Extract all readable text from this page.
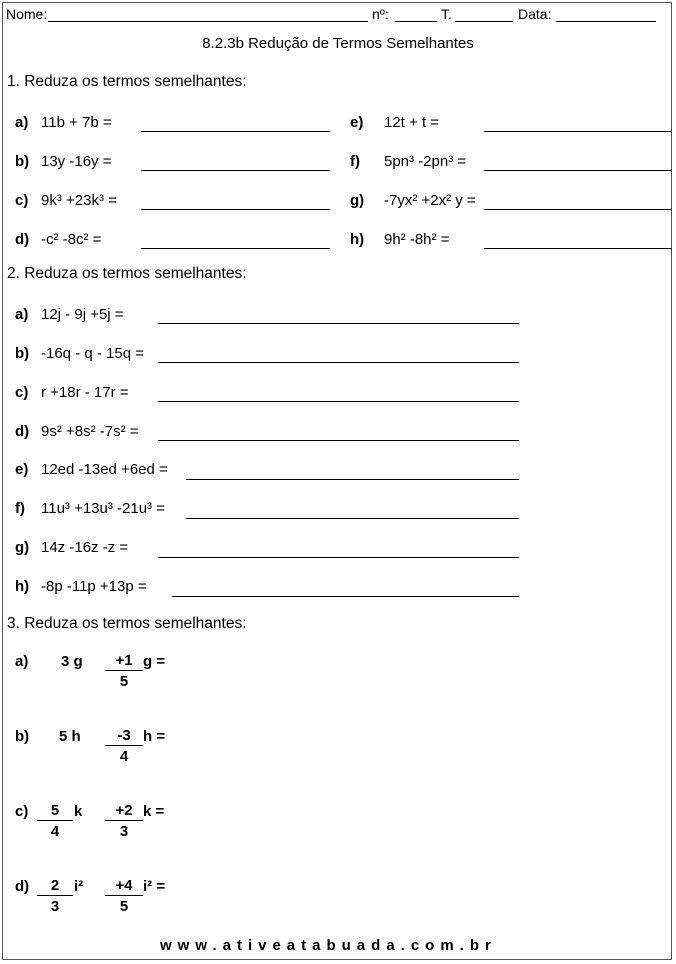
Nome:	nº:	T.	Data:
8.2.3b Redução de Termos Semelhantes
1. Reduza os termos semelhantes:
a) 11b + 7b =
b) 13y -16y =
c) 9k³ +23k³ =
d) -c² -8c² =
e) 12t + t =
f) 5pn³ -2pn³ =
g) -7yx² +2x² y =
h) 9h² -8h² =
2. Reduza os termos semelhantes:
a) 12j - 9j +5j =
b) -16q - q - 15q =
c) r +18r - 17r =
d) 9s² +8s² -7s² =
e) 12ed -13ed +6ed =
f) 11u³ +13u³ -21u³ =
g) 14z -16z -z =
h) -8p -11p +13p =
3. Reduza os termos semelhantes:
a) 3 g $\frac{+1}{5}$ g =
b) 5 h $\frac{-3}{4}$ h =
$c) \frac{5}{4}$ k $\frac{+2}{3}$ k =
$d) \frac{2}{3} i^2 \frac{+4}{5} i^2$ =
www.ativeatabuada.com.br
